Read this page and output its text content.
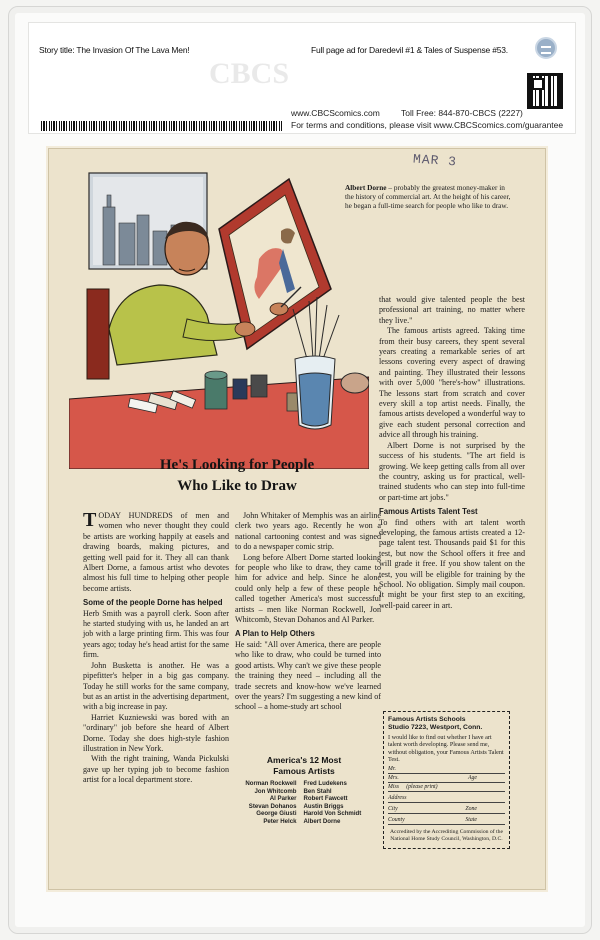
Story title: The Invasion Of The Lava Men!	Full page ad for Daredevil #1 & Tales of Suspense #53.
CBCS
www.CBCScomics.com Toll Free: 844-870-CBCS (2227)
For terms and conditions, please visit www.CBCScomics.com/guarantee
MAR 3
Albert Dorne – probably the greatest money-maker in the history of commercial art. At the height of his career, he began a full-time search for people who like to draw.
He's Looking for People
Who Like to Draw

TODAY HUNDREDS of men and women who never thought they could be artists are working happily at easels and drawing boards, making pictures, and getting well paid for it. They all can thank Albert Dorne, a famous artist who devotes almost his full time to helping other people become artists.

Some of the people Dorne has helped

Herb Smith was a payroll clerk. Soon after he started studying with us, he landed an art job with a large printing firm. This was four years ago; today he's head artist for the same firm.

John Busketta is another. He was a pipefitter's helper in a big gas company. Today he still works for the same company, but as an artist in the advertising department, with a big increase in pay.

Harriet Kuzniewski was bored with an "ordinary" job before she heard of Albert Dorne. Today she does high-style fashion illustration in New York.

With the right training, Wanda Pickulski gave up her typing job to become fashion artist for a local department store.

John Whitaker of Memphis was an airline clerk two years ago. Recently he won a national cartooning contest and was signed to do a newspaper comic strip.

Long before Albert Dorne started looking for people who like to draw, they came to him for advice and help. Since he alone could only help a few of these people he called together America's most successful artists – men like Norman Rockwell, Jon Whitcomb, Stevan Dohanos and Al Parker.

A Plan to Help Others

He said: "All over America, there are people who like to draw, who could be turned into good artists. Why can't we give these people the training they need – including all the trade secrets and know-how we've learned over the years? I'm suggesting a new kind of school – a home-study art school

that would give talented people the best professional art training, no matter where they live."

The famous artists agreed. Taking time from their busy careers, they spent several years creating a remarkable series of art lessons covering every aspect of drawing and painting. They illustrated their lessons with over 5,000 "here's-how" illustrations. The lessons start from scratch and cover every skill a top artist needs. Finally, the famous artists developed a wonderful way to give each student personal correction and advice all through his training.

Albert Dorne is not surprised by the success of his students. "The art field is growing. We keep getting calls from all over the country, asking us for practical, well-trained students who can step into full-time or part-time art jobs."

Famous Artists Talent Test

To find others with art talent worth developing, the famous artists created a 12-page talent test. Thousands paid $1 for this test, but now the School offers it free and will grade it free. If you show talent on the test, you will be eligible for training by the School. No obligation. Simply mail coupon. It might be your first step to an exciting, well-paid career in art.

America's 12 Most
Famous Artists
Norman Rockwell	Fred Ludekens
Jon Whitcomb	Ben Stahl
Al Parker	Robert Fawcett
Stevan Dohanos	Austin Briggs
George Giusti	Harold Von Schmidt
Peter Helck	Albert Dorne
Famous Artists Schools
Studio 7223, Westport, Conn.
I would like to find out whether I have art talent worth developing. Please send me, without obligation, your Famous Artists Talent Test.
Mr.
Mrs.	Age
Miss (please print)
Address
City	Zone
County	State
Accredited by the Accrediting Commission of the National Home Study Council, Washington, D.C.
